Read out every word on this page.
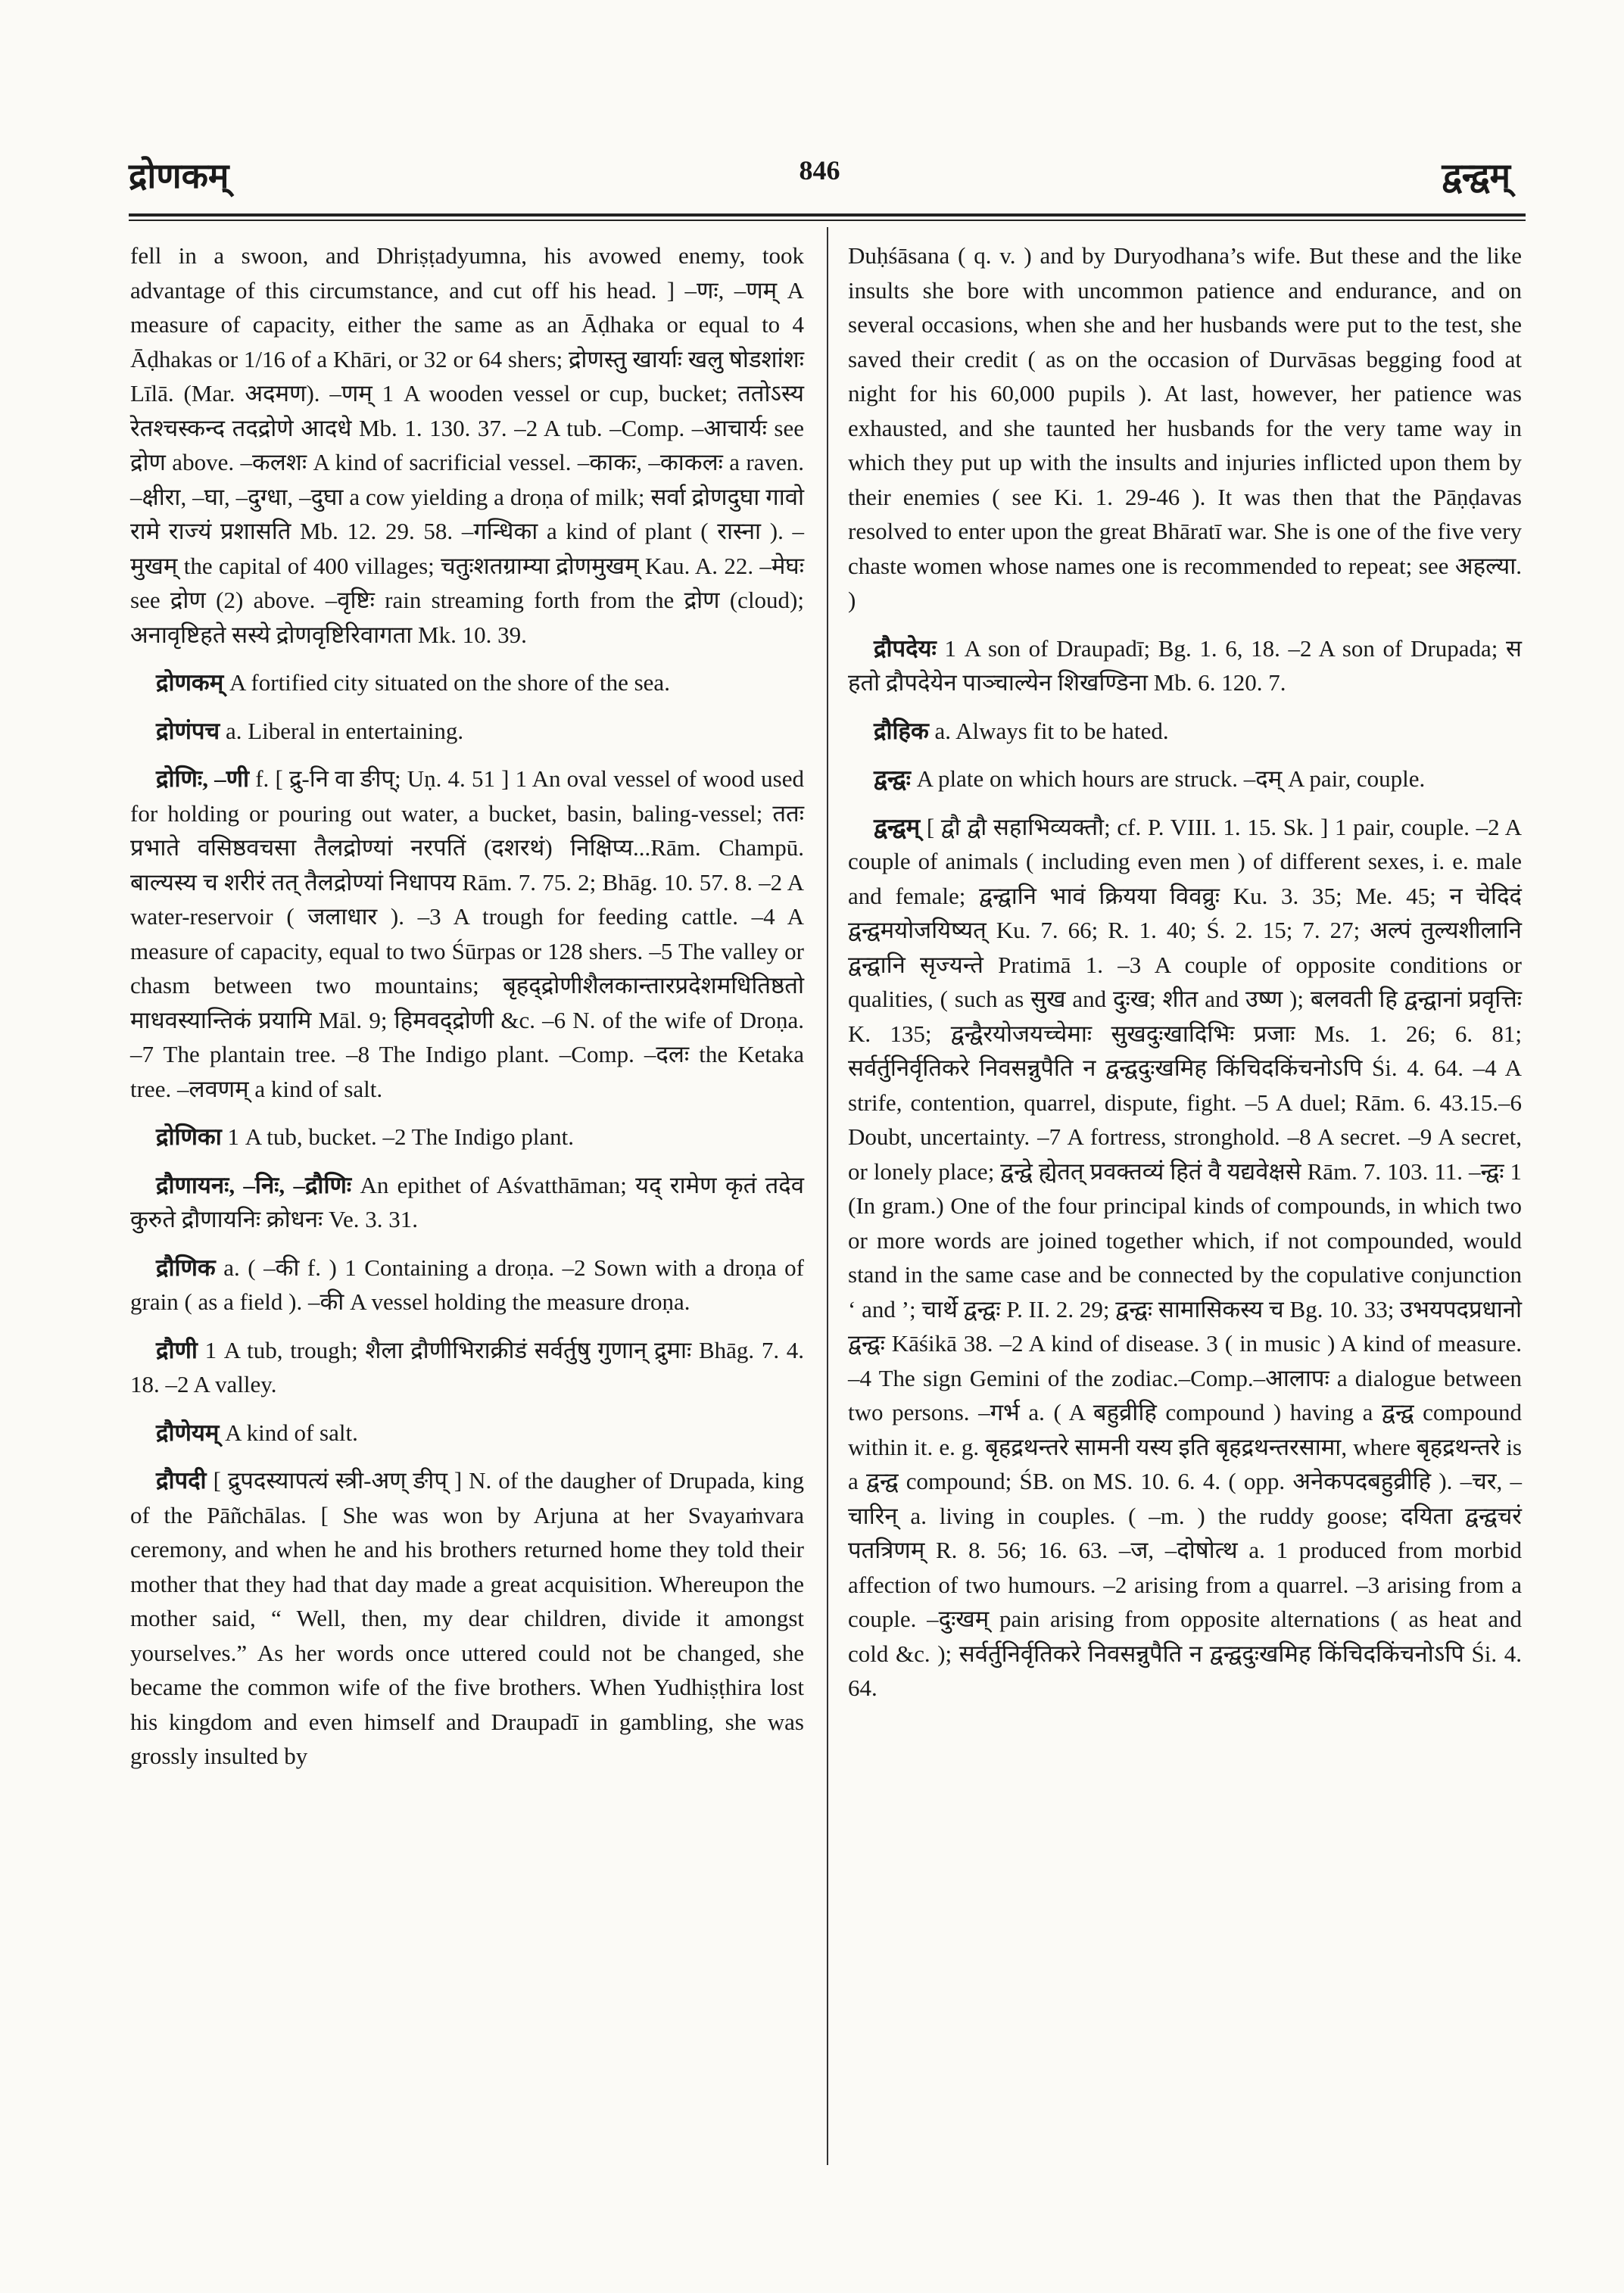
द्रोणकम्	846	द्वन्द्वम्

fell in a swoon, and Dhriṣṭadyumna, his avowed enemy, took advantage of this circumstance, and cut off his head. ] –णः, –णम् A measure of capacity, either the same as an Āḍhaka or equal to 4 Āḍhakas or 1/16 of a Khāri, or 32 or 64 shers; द्रोणस्तु खार्याः खलु षोडशांशः Līlā. (Mar. अदमण). –णम् 1 A wooden vessel or cup, bucket; ततोऽस्य रेतश्चस्कन्द तदद्रोणे आदधे Mb. 1. 130. 37. –2 A tub. –Comp. –आचार्यः see द्रोण above. –कलशः A kind of sacrificial vessel. –काकः, –काकलः a raven. –क्षीरा, –घा, –दुग्धा, –दुघा a cow yielding a droṇa of milk; सर्वा द्रोणदुघा गावो रामे राज्यं प्रशासति Mb. 12. 29. 58. –गन्धिका a kind of plant ( रास्ना ). –मुखम् the capital of 400 villages; चतुःशतग्राम्या द्रोणमुखम् Kau. A. 22. –मेघः see द्रोण (2) above. –वृष्टिः rain streaming forth from the द्रोण (cloud); अनावृष्टिहते सस्ये द्रोणवृष्टिरिवागता Mk. 10. 39.

द्रोणकम् A fortified city situated on the shore of the sea.

द्रोणंपच a. Liberal in entertaining.

द्रोणिः, –णी f. [ द्रु-नि वा ङीप्; Uṇ. 4. 51 ] 1 An oval vessel of wood used for holding or pouring out water, a bucket, basin, baling-vessel; ततः प्रभाते वसिष्ठवचसा तैलद्रोण्यां नरपतिं (दशरथं) निक्षिप्य...Rām. Champū. बाल्यस्य च शरीरं तत् तैलद्रोण्यां निधापय Rām. 7. 75. 2; Bhāg. 10. 57. 8. –2 A water-reservoir ( जलाधार ). –3 A trough for feeding cattle. –4 A measure of capacity, equal to two Śūrpas or 128 shers. –5 The valley or chasm between two mountains; बृहद्द्रोणीशैलकान्तारप्रदेशमधितिष्ठतो माधवस्यान्तिकं प्रयामि Māl. 9; हिमवद्द्रोणी &c. –6 N. of the wife of Droṇa. –7 The plantain tree. –8 The Indigo plant. –Comp. –दलः the Ketaka tree. –लवणम् a kind of salt.

द्रोणिका 1 A tub, bucket. –2 The Indigo plant.

द्रौणायनः, –निः, –द्रौणिः An epithet of Aśvatthāman; यद् रामेण कृतं तदेव कुरुते द्रौणायनिः क्रोधनः Ve. 3. 31.

द्रौणिक a. ( –की f. ) 1 Containing a droṇa. –2 Sown with a droṇa of grain ( as a field ). –की A vessel holding the measure droṇa.

द्रौणी 1 A tub, trough; शैला द्रौणीभिराक्रीडं सर्वर्तुषु गुणान् द्रुमाः Bhāg. 7. 4. 18. –2 A valley.

द्रौणेयम् A kind of salt.

द्रौपदी [ द्रुपदस्यापत्यं स्त्री-अण् ङीप् ] N. of the daugher of Drupada, king of the Pāñchālas. [ She was won by Arjuna at her Svayaṁvara ceremony, and when he and his brothers returned home they told their mother that they had that day made a great acquisition. Whereupon the mother said, “ Well, then, my dear children, divide it amongst yourselves.” As her words once uttered could not be changed, she became the common wife of the five brothers. When Yudhiṣṭhira lost his kingdom and even himself and Draupadī in gambling, she was grossly insulted by

Duḥśāsana ( q. v. ) and by Duryodhana’s wife. But these and the like insults she bore with uncommon patience and endurance, and on several occasions, when she and her husbands were put to the test, she saved their credit ( as on the occasion of Durvāsas begging food at night for his 60,000 pupils ). At last, however, her patience was exhausted, and she taunted her husbands for the very tame way in which they put up with the insults and injuries inflicted upon them by their enemies ( see Ki. 1. 29-46 ). It was then that the Pāṇḍavas resolved to enter upon the great Bhāratī war. She is one of the five very chaste women whose names one is recommended to repeat; see अहल्या. )

द्रौपदेयः 1 A son of Draupadī; Bg. 1. 6, 18. –2 A son of Drupada; स हतो द्रौपदेयेन पाञ्चाल्येन शिखण्डिना Mb. 6. 120. 7.

द्रौहिक a. Always fit to be hated.

द्वन्द्वः A plate on which hours are struck. –दम् A pair, couple.

द्वन्द्वम् [ द्वौ द्वौ सहाभिव्यक्तौ; cf. P. VIII. 1. 15. Sk. ] 1 pair, couple. –2 A couple of animals ( including even men ) of different sexes, i. e. male and female; द्वन्द्वानि भावं क्रियया विवव्रुः Ku. 3. 35; Me. 45; न चेदिदं द्वन्द्वमयोजयिष्यत् Ku. 7. 66; R. 1. 40; Ś. 2. 15; 7. 27; अल्पं तुल्यशीलानि द्वन्द्वानि सृज्यन्ते Pratimā 1. –3 A couple of opposite conditions or qualities, ( such as सुख and दुःख; शीत and उष्ण ); बलवती हि द्वन्द्वानां प्रवृत्तिः K. 135; द्वन्द्वैरयोजयच्चेमाः सुखदुःखादिभिः प्रजाः Ms. 1. 26; 6. 81; सर्वर्तुनिर्वृतिकरे निवसन्नुपैति न द्वन्द्वदुःखमिह किंचिदकिंचनोऽपि Śi. 4. 64. –4 A strife, contention, quarrel, dispute, fight. –5 A duel; Rām. 6. 43.15.–6 Doubt, uncertainty. –7 A fortress, stronghold. –8 A secret. –9 A secret, or lonely place; द्वन्द्वे ह्येतत् प्रवक्तव्यं हितं वै यद्यवेक्षसे Rām. 7. 103. 11. –न्द्वः 1 (In gram.) One of the four principal kinds of compounds, in which two or more words are joined together which, if not compounded, would stand in the same case and be connected by the copulative conjunction ‘ and ’; चार्थे द्वन्द्वः P. II. 2. 29; द्वन्द्वः सामासिकस्य च Bg. 10. 33; उभयपदप्रधानो द्वन्द्वः Kāśikā 38. –2 A kind of disease. 3 ( in music ) A kind of measure. –4 The sign Gemini of the zodiac.–Comp.–आलापः a dialogue between two persons. –गर्भ a. ( A बहुव्रीहि compound ) having a द्वन्द्व compound within it. e. g. बृहद्रथन्तरे सामनी यस्य इति बृहद्रथन्तरसामा, where बृहद्रथन्तरे is a द्वन्द्व compound; ŚB. on MS. 10. 6. 4. ( opp. अनेकपदबहुव्रीहि ). –चर, –चारिन् a. living in couples. ( –m. ) the ruddy goose; दयिता द्वन्द्वचरं पतत्रिणम् R. 8. 56; 16. 63. –ज, –दोषोत्थ a. 1 produced from morbid affection of two humours. –2 arising from a quarrel. –3 arising from a couple. –दुःखम् pain arising from opposite alternations ( as heat and cold &c. ); सर्वर्तुनिर्वृतिकरे निवसन्नुपैति न द्वन्द्वदुःखमिह किंचिदकिंचनोऽपि Śi. 4. 64.
